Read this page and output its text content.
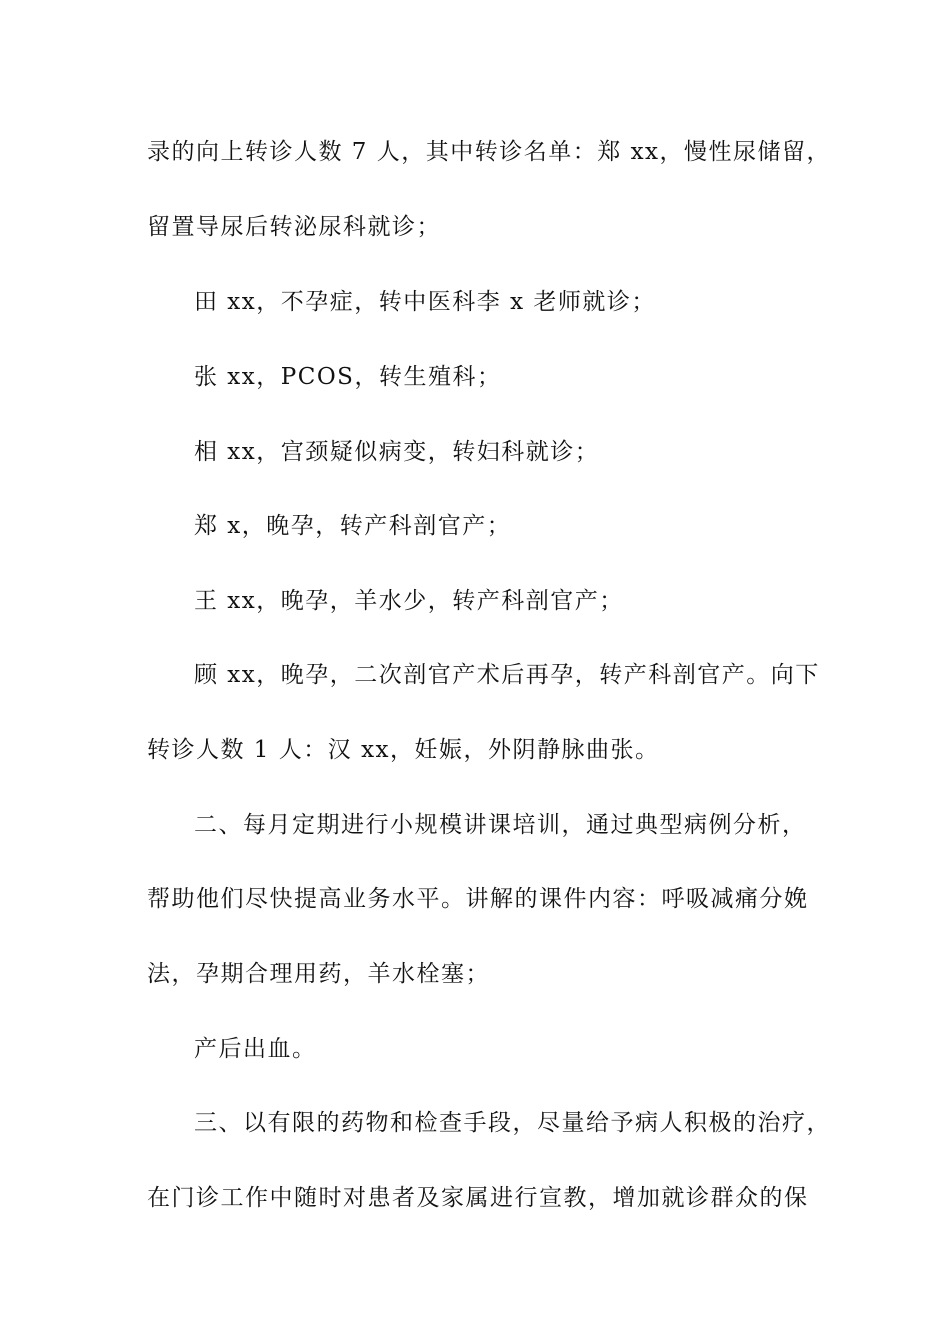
录的向上转诊人数 7 人，其中转诊名单：郑 xx，慢性尿储留，
留置导尿后转泌尿科就诊；
田 xx，不孕症，转中医科李 x 老师就诊；
张 xx，PCOS，转生殖科；
相 xx，宫颈疑似病变，转妇科就诊；
郑 x，晚孕，转产科剖官产；
王 xx，晚孕，羊水少，转产科剖官产；
顾 xx，晚孕，二次剖官产术后再孕，转产科剖官产。向下
转诊人数 1 人：汉 xx，妊娠，外阴静脉曲张。
二、每月定期进行小规模讲课培训，通过典型病例分析，
帮助他们尽快提高业务水平。讲解的课件内容：呼吸减痛分娩
法，孕期合理用药，羊水栓塞；
产后出血。
三、以有限的药物和检查手段，尽量给予病人积极的治疗，
在门诊工作中随时对患者及家属进行宣教，增加就诊群众的保
